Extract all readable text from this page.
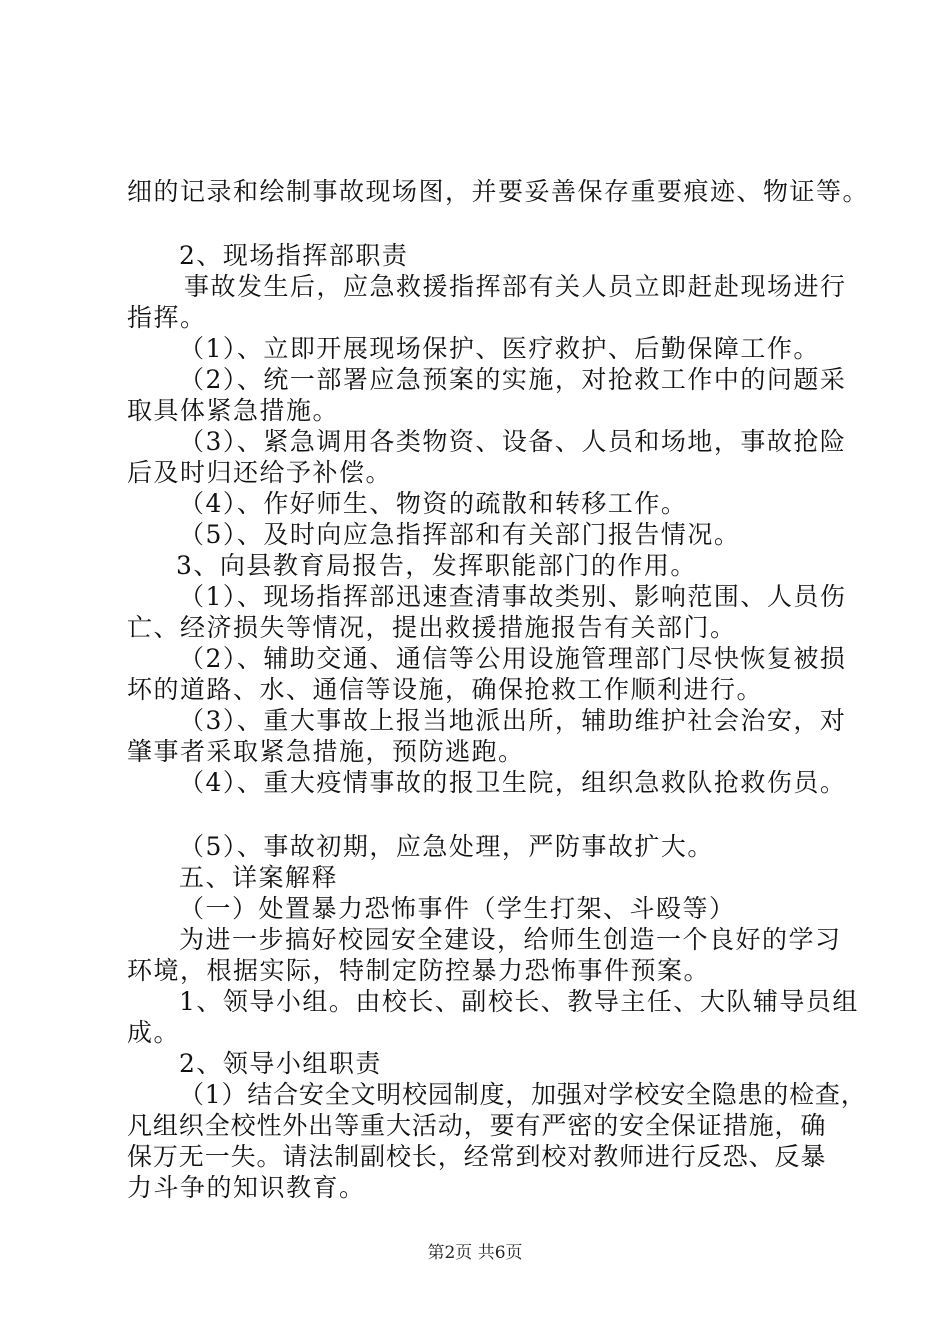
细的记录和绘制事故现场图，并要妥善保存重要痕迹、物证等。
2、现场指挥部职责
事故发生后，应急救援指挥部有关人员立即赶赴现场进行
指挥。
（1）、立即开展现场保护、医疗救护、后勤保障工作。
（2）、统一部署应急预案的实施，对抢救工作中的问题采
取具体紧急措施。
（3）、紧急调用各类物资、设备、人员和场地，事故抢险
后及时归还给予补偿。
（4）、作好师生、物资的疏散和转移工作。
（5）、及时向应急指挥部和有关部门报告情况。
3、向县教育局报告，发挥职能部门的作用。
（1）、现场指挥部迅速查清事故类别、影响范围、人员伤
亡、经济损失等情况，提出救援措施报告有关部门。
（2）、辅助交通、通信等公用设施管理部门尽快恢复被损
坏的道路、水、通信等设施，确保抢救工作顺利进行。
（3）、重大事故上报当地派出所，辅助维护社会治安，对
肇事者采取紧急措施，预防逃跑。
（4）、重大疫情事故的报卫生院，组织急救队抢救伤员。
（5）、事故初期，应急处理，严防事故扩大。
五、详案解释
（一）处置暴力恐怖事件（学生打架、斗殴等）
为进一步搞好校园安全建设，给师生创造一个良好的学习
环境，根据实际，特制定防控暴力恐怖事件预案。
1、领导小组。由校长、副校长、教导主任、大队辅导员组
成。
2、领导小组职责
（1）结合安全文明校园制度，加强对学校安全隐患的检查，
凡组织全校性外出等重大活动，要有严密的安全保证措施，确
保万无一失。请法制副校长，经常到校对教师进行反恐、反暴
力斗争的知识教育。
第2页 共6页
